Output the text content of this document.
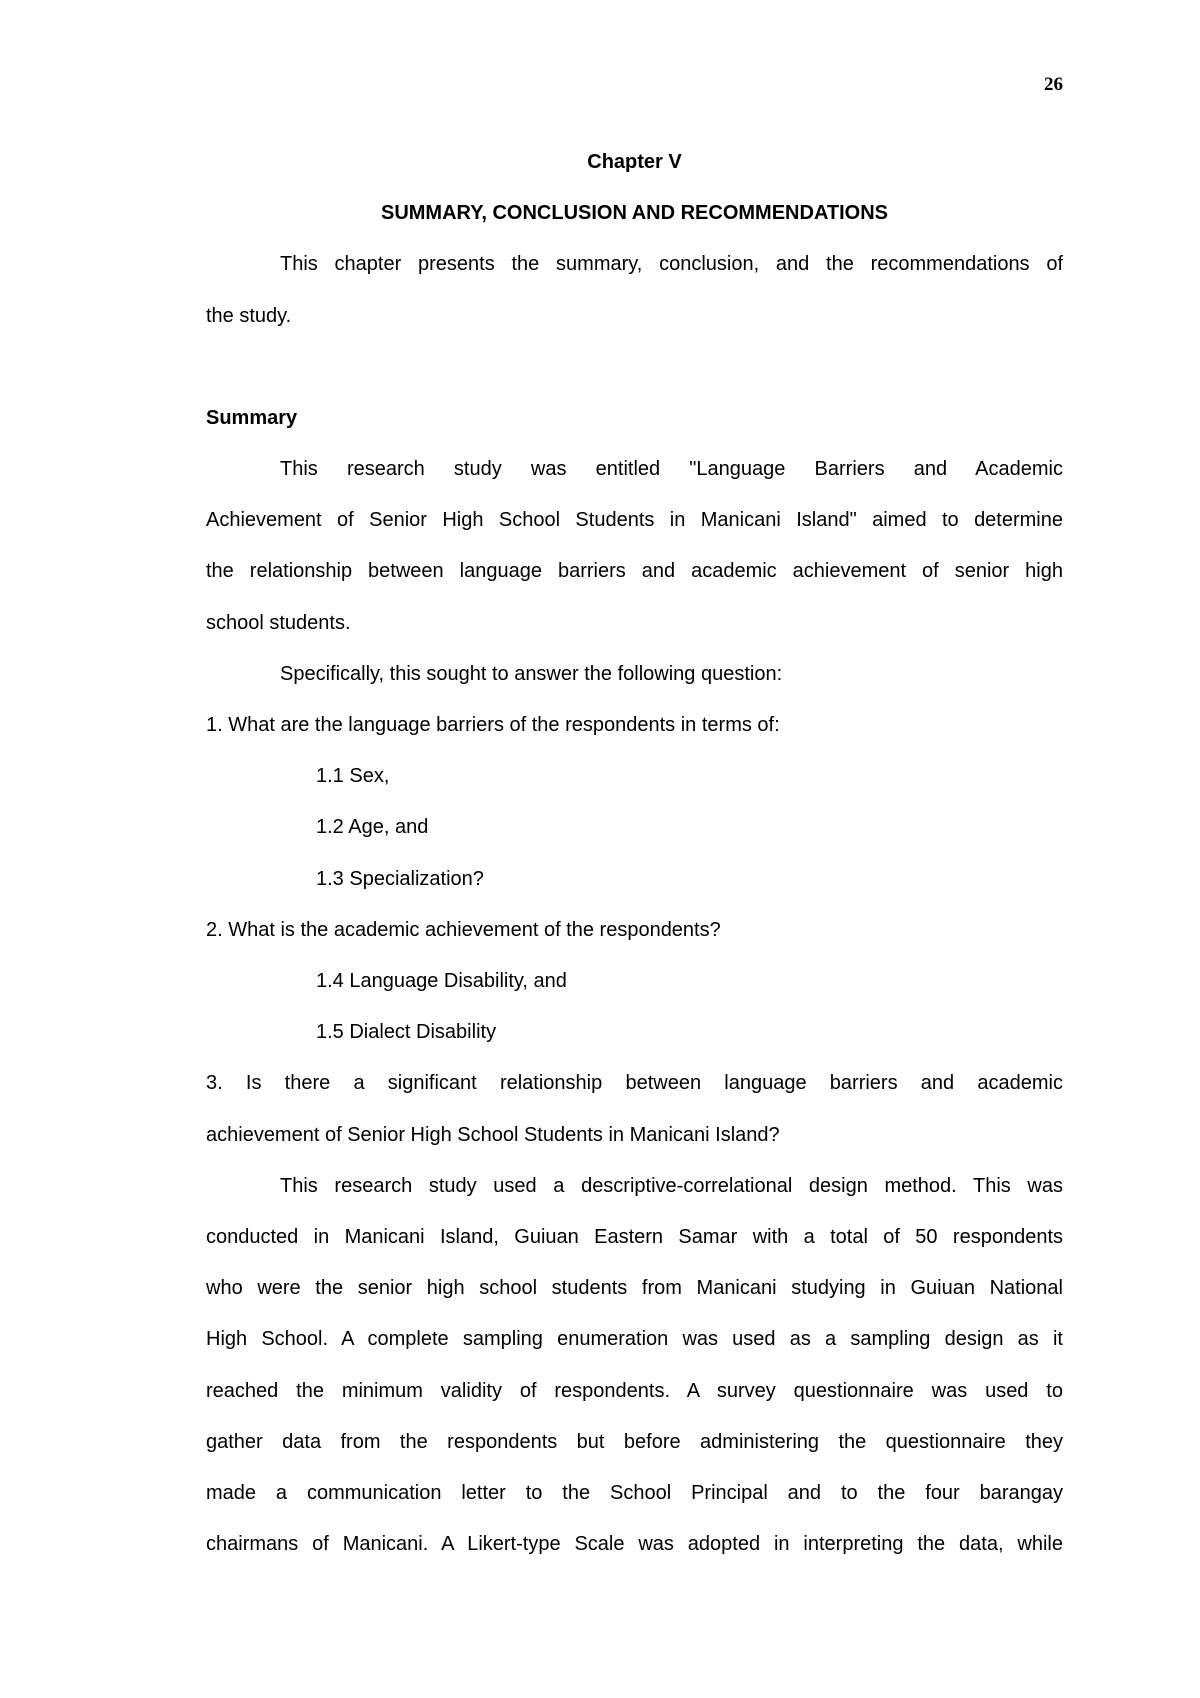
26

Chapter V

SUMMARY, CONCLUSION AND RECOMMENDATIONS

This chapter presents the summary, conclusion, and the recommendations of

the study.

Summary

This research study was entitled "Language Barriers and Academic

Achievement of Senior High School Students in Manicani Island" aimed to determine

the relationship between language barriers and academic achievement of senior high

school students.

Specifically, this sought to answer the following question:

1. What are the language barriers of the respondents in terms of:

1.1 Sex,

1.2 Age, and

1.3 Specialization?

2. What is the academic achievement of the respondents?

1.4 Language Disability, and

1.5 Dialect Disability

3. Is there a significant relationship between language barriers and academic

achievement of Senior High School Students in Manicani Island?

This research study used a descriptive-correlational design method. This was

conducted in Manicani Island, Guiuan Eastern Samar with a total of 50 respondents

who were the senior high school students from Manicani studying in Guiuan National

High School. A complete sampling enumeration was used as a sampling design as it

reached the minimum validity of respondents. A survey questionnaire was used to

gather data from the respondents but before administering the questionnaire they

made a communication letter to the School Principal and to the four barangay

chairmans of Manicani. A Likert-type Scale was adopted in interpreting the data, while
